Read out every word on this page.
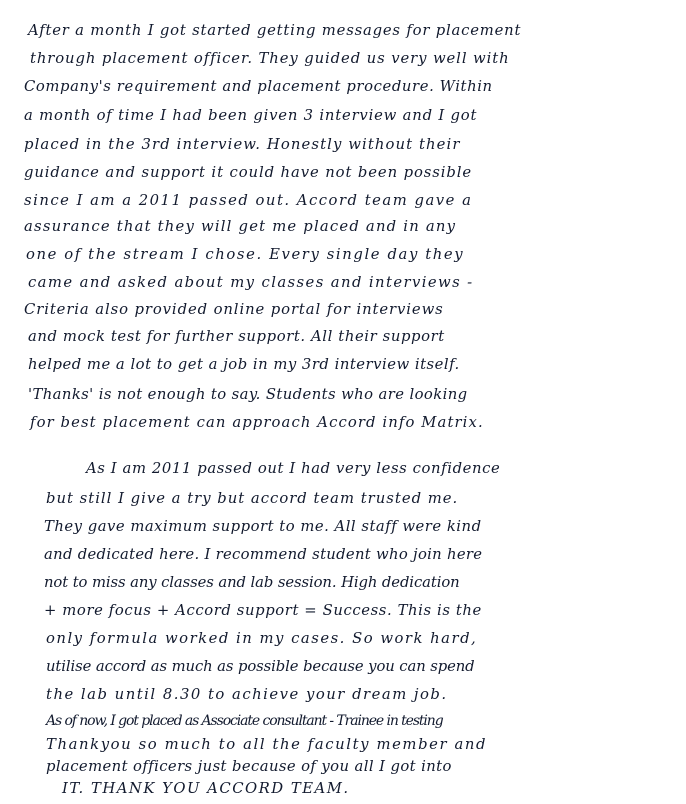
After a month I got started getting messages for placement
through placement officer. They guided us very well with
Company's requirement and placement procedure. Within
a month of time I had been given 3 interview and I got
placed in the 3rd interview. Honestly without their
guidance and support it could have not been possible
since I am a 2011 passed out. Accord team gave a
assurance that they will get me placed and in any
one of the stream I chose. Every single day they
came and asked about my classes and interviews -
Criteria also provided online portal for interviews
and mock test for further support. All their support
helped me a lot to get a job in my 3rd interview itself.
'Thanks' is not enough to say. Students who are looking
for best placement can approach Accord info Matrix.
As I am 2011 passed out I had very less confidence
but still I give a try but accord team trusted me.
They gave maximum support to me. All staff were kind
and dedicated here. I recommend student who join here
not to miss any classes and lab session. High dedication
+ more focus + Accord support = Success. This is the
only formula worked in my cases. So work hard,
utilise accord as much as possible because you can spend
the lab until 8.30 to achieve your dream job.
As of now, I got placed as Associate consultant - Trainee in testing
Thankyou so much to all the faculty member and
placement officers just because of you all I got into
IT. THANK YOU ACCORD TEAM.
